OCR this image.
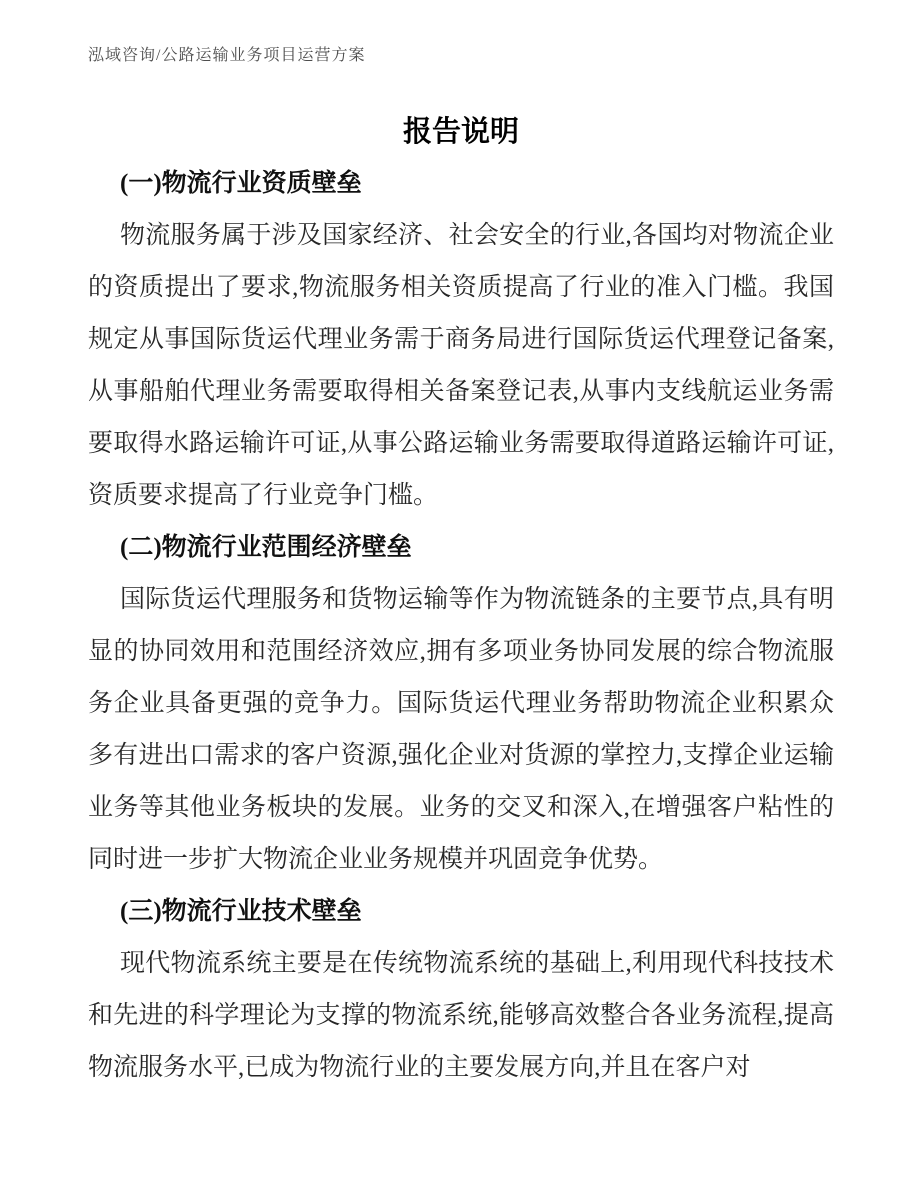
泓域咨询/公路运输业务项目运营方案
报告说明
(一)物流行业资质壁垒

物流服务属于涉及国家经济、社会安全的行业,各国均对物流企业的资质提出了要求,物流服务相关资质提高了行业的准入门槛。我国规定从事国际货运代理业务需于商务局进行国际货运代理登记备案,从事船舶代理业务需要取得相关备案登记表,从事内支线航运业务需要取得水路运输许可证,从事公路运输业务需要取得道路运输许可证,资质要求提高了行业竞争门槛。

(二)物流行业范围经济壁垒

国际货运代理服务和货物运输等作为物流链条的主要节点,具有明显的协同效用和范围经济效应,拥有多项业务协同发展的综合物流服务企业具备更强的竞争力。国际货运代理业务帮助物流企业积累众多有进出口需求的客户资源,强化企业对货源的掌控力,支撑企业运输业务等其他业务板块的发展。业务的交叉和深入,在增强客户粘性的同时进一步扩大物流企业业务规模并巩固竞争优势。

(三)物流行业技术壁垒

现代物流系统主要是在传统物流系统的基础上,利用现代科技技术和先进的科学理论为支撑的物流系统,能够高效整合各业务流程,提高物流服务水平,已成为物流行业的主要发展方向,并且在客户对
